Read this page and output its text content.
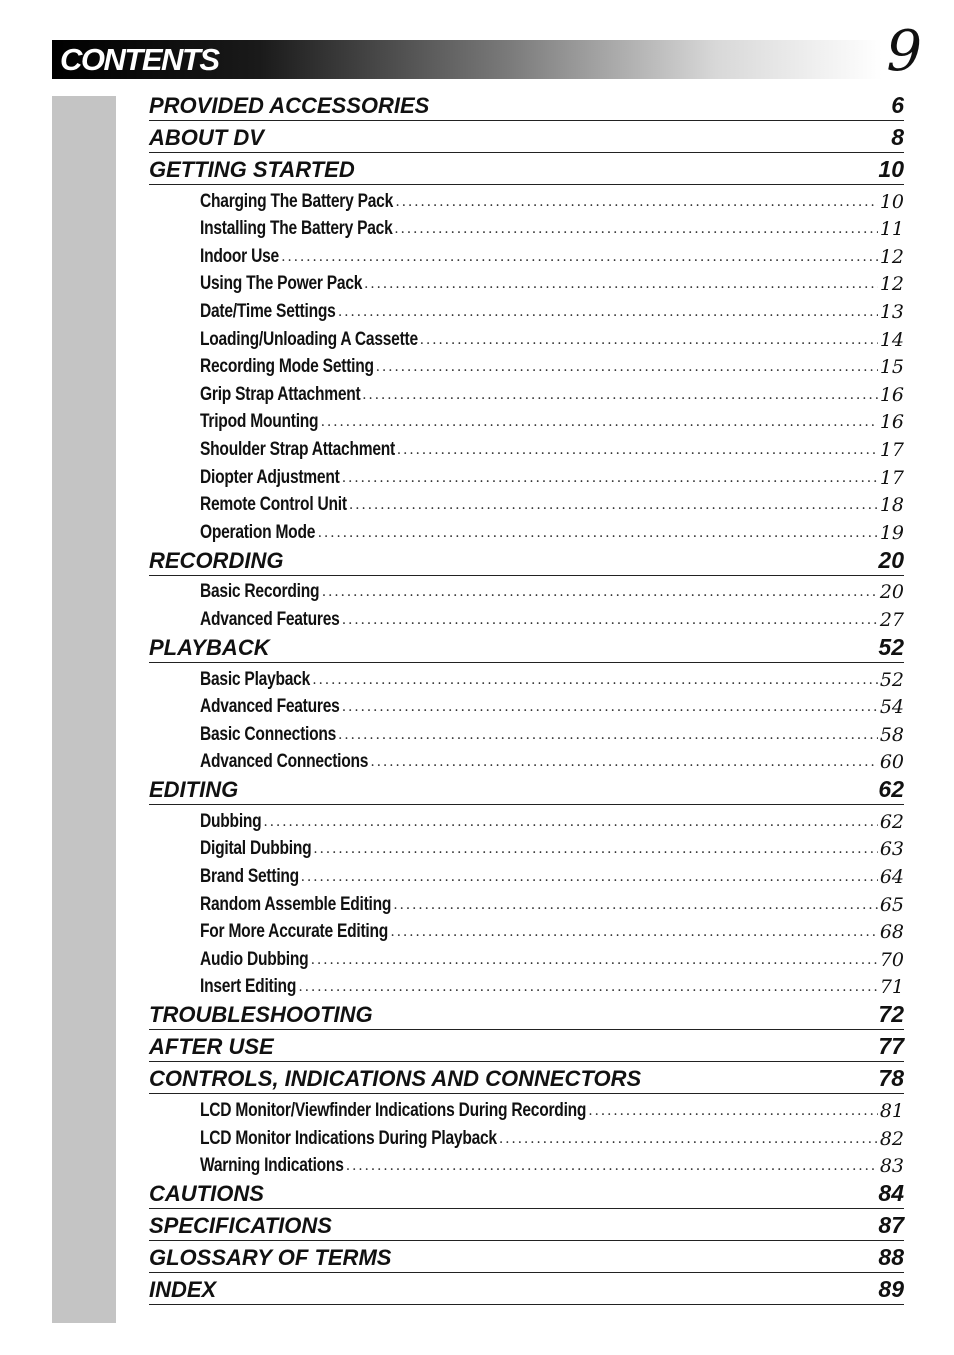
CONTENTS	9
PROVIDED ACCESSORIES	6
ABOUT DV	8
GETTING STARTED	10
Charging The Battery Pack .....	10
Installing The Battery Pack .....	11
Indoor Use .....	12
Using The Power Pack .....	12
Date/Time Settings .....	13
Loading/Unloading A Cassette .....	14
Recording Mode Setting .....	15
Grip Strap Attachment .....	16
Tripod Mounting .....	16
Shoulder Strap Attachment .....	17
Diopter Adjustment .....	17
Remote Control Unit .....	18
Operation Mode .....	19
RECORDING	20
Basic Recording .....	20
Advanced Features .....	27
PLAYBACK	52
Basic Playback .....	52
Advanced Features .....	54
Basic Connections .....	58
Advanced Connections .....	60
EDITING	62
Dubbing .....	62
Digital Dubbing .....	63
Brand Setting .....	64
Random Assemble Editing .....	65
For More Accurate Editing .....	68
Audio Dubbing .....	70
Insert Editing .....	71
TROUBLESHOOTING	72
AFTER USE	77
CONTROLS, INDICATIONS AND CONNECTORS	78
LCD Monitor/Viewfinder Indications During Recording .....	81
LCD Monitor Indications During Playback .....	82
Warning Indications .....	83
CAUTIONS	84
SPECIFICATIONS	87
GLOSSARY OF TERMS	88
INDEX	89
